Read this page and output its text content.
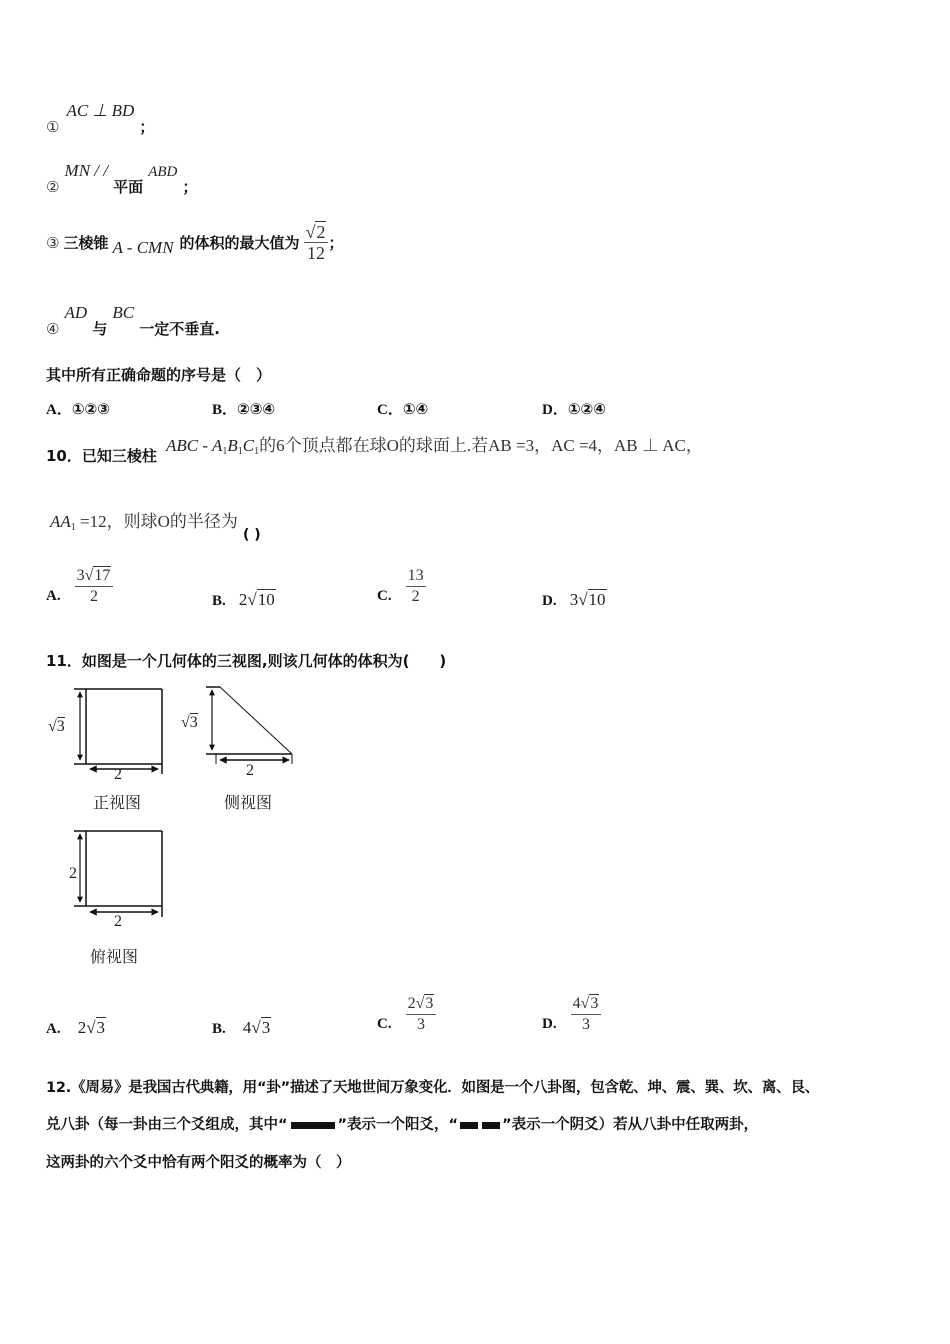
① AC ⊥ BD ；
② MN / / 平面 ABD ；
③ 三棱锥 A - CMN 的体积的最大值为 $\frac{√2}{12}$ ；
④ AD 与 BC 一定不垂直.
其中所有正确命题的序号是（　）
A．①②③	B．②③④	C．①④	D．①②④
10．已知三棱柱
ABC - $A_1B_1C_1$的6个顶点都在球O的球面上.若AB =3，AC =4，AB ⊥ AC，
$AA_1 =12$，则球O的半径为 ( )
A. $\frac{3√17}{2}$	B. 2√10	C. $\frac{13}{2}$	D. 3√10
11．如图是一个几何体的三视图,则该几何体的体积为(　　)
√3
2
正视图
√3
2
侧视图
2
2
俯视图
A. 2√3	B. 4√3	C. $\frac{2√3}{3}$	D. $\frac{4√3}{3}$
12.《周易》是我国古代典籍，用“卦”描述了天地世间万象变化．如图是一个八卦图，包含乾、坤、震、巽、坎、离、艮、
兑八卦（每一卦由三个爻组成，其中“	”表示一个阳爻，“	”表示一个阴爻）若从八卦中任取两卦，
这两卦的六个爻中恰有两个阳爻的概率为（　）
